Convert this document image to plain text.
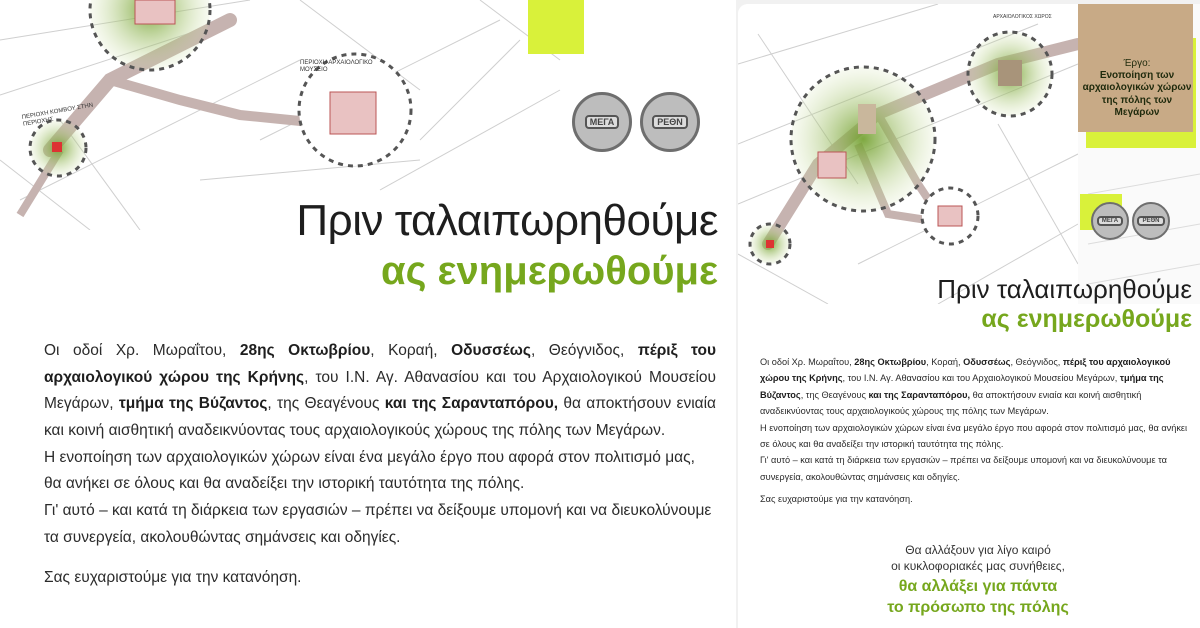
ΠΕΡΙΟΧΗ ΚΟΜΒΟΥ ΣΤΗΝ ΠΕΡΙΟΧΗΣ
ΠΕΡΙΟΧΗ ΑΡΧΑΙΟΛΟΓΙΚΟ ΜΟΥΣΕΙΟ
ΜΕΓΑ	ΡΕΘΝ
Πριν ταλαιπωρηθούμε
ας ενημερωθούμε

Οι οδοί Χρ. Μωραΐτου, 28ης Οκτωβρίου, Κοραή, Οδυσσέως, Θεόγνιδος, πέριξ του αρχαιολογικού χώρου της Κρήνης, του Ι.Ν. Αγ. Αθανασίου και του Αρχαιολογικού Μουσείου Μεγάρων, τμήμα της Βύζαντος, της Θεαγένους και της Σαρανταπόρου, θα αποκτήσουν ενιαία και κοινή αισθητική αναδεικνύοντας τους αρχαιολογικούς χώρους της πόλης των Μεγάρων.

Η ενοποίηση των αρχαιολογικών χώρων είναι ένα μεγάλο έργο που αφορά στον πολιτισμό μας, θα ανήκει σε όλους και θα αναδείξει την ιστορική ταυτότητα της πόλης.

Γι' αυτό – και κατά τη διάρκεια των εργασιών – πρέπει να δείξουμε υπομονή και να διευκολύνουμε τα συνεργεία, ακολουθώντας σημάνσεις και οδηγίες.

Σας ευχαριστούμε για την κατανόηση.

ΑΡΧΑΙΟΛΟΓΙΚΟΣ ΧΩΡΟΣ
Έργο:
Ενοποίηση των αρχαιολογικών χώρων της πόλης των Μεγάρων
ΜΕΓΑ	ΡΕΘΝ
Πριν ταλαιπωρηθούμε
ας ενημερωθούμε

Οι οδοί Χρ. Μωραΐτου, 28ης Οκτωβρίου, Κοραή, Οδυσσέως, Θεόγνιδος, πέριξ του αρχαιολογικού χώρου της Κρήνης, του Ι.Ν. Αγ. Αθανασίου και του Αρχαιολογικού Μουσείου Μεγάρων, τμήμα της Βύζαντος, της Θεαγένους και της Σαρανταπόρου, θα αποκτήσουν ενιαία και κοινή αισθητική αναδεικνύοντας τους αρχαιολογικούς χώρους της πόλης των Μεγάρων.

Η ενοποίηση των αρχαιολογικών χώρων είναι ένα μεγάλο έργο που αφορά στον πολιτισμό μας, θα ανήκει σε όλους και θα αναδείξει την ιστορική ταυτότητα της πόλης.

Γι' αυτό – και κατά τη διάρκεια των εργασιών – πρέπει να δείξουμε υπομονή και να διευκολύνουμε τα συνεργεία, ακολουθώντας σημάνσεις και οδηγίες.

Σας ευχαριστούμε για την κατανόηση.

Θα αλλάξουν για λίγο καιρό
οι κυκλοφοριακές μας συνήθειες,
θα αλλάξει για πάντα
το πρόσωπο της πόλης
